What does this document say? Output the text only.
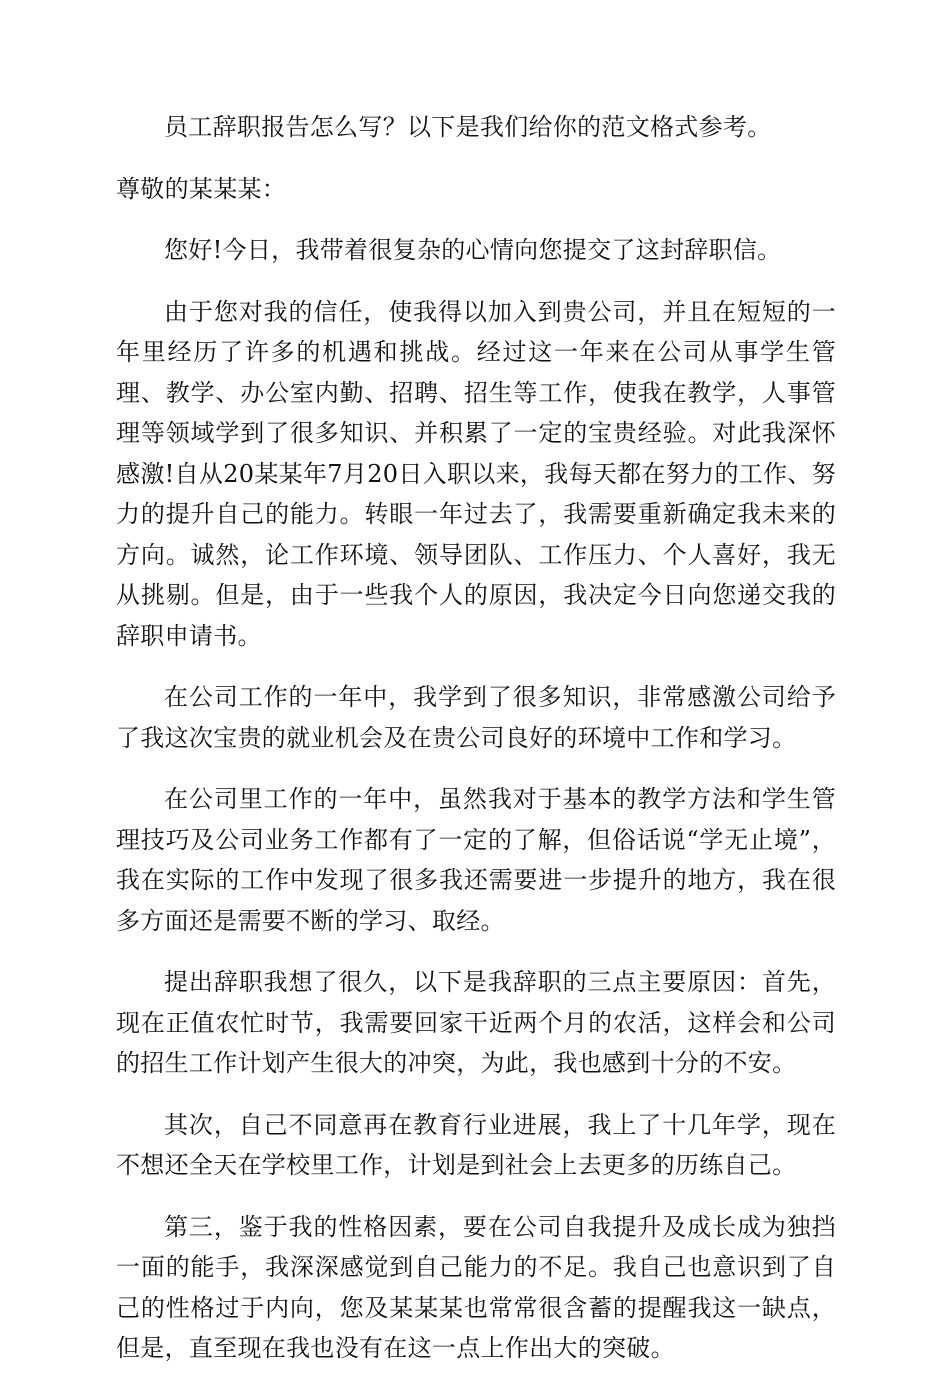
员工辞职报告怎么写？以下是我们给你的范文格式参考。

尊敬的某某某：

您好!今日，我带着很复杂的心情向您提交了这封辞职信。

由于您对我的信任，使我得以加入到贵公司，并且在短短的一年里经历了许多的机遇和挑战。经过这一年来在公司从事学生管理、教学、办公室内勤、招聘、招生等工作，使我在教学，人事管理等领域学到了很多知识、并积累了一定的宝贵经验。对此我深怀感激!自从20某某年7月20日入职以来，我每天都在努力的工作、努力的提升自己的能力。转眼一年过去了，我需要重新确定我未来的方向。诚然，论工作环境、领导团队、工作压力、个人喜好，我无从挑剔。但是，由于一些我个人的原因，我决定今日向您递交我的辞职申请书。

在公司工作的一年中，我学到了很多知识，非常感激公司给予了我这次宝贵的就业机会及在贵公司良好的环境中工作和学习。

在公司里工作的一年中，虽然我对于基本的教学方法和学生管理技巧及公司业务工作都有了一定的了解，但俗话说“学无止境”，我在实际的工作中发现了很多我还需要进一步提升的地方，我在很多方面还是需要不断的学习、取经。

提出辞职我想了很久，以下是我辞职的三点主要原因：首先，现在正值农忙时节，我需要回家干近两个月的农活，这样会和公司的招生工作计划产生很大的冲突，为此，我也感到十分的不安。

其次，自己不同意再在教育行业进展，我上了十几年学，现在不想还全天在学校里工作，计划是到社会上去更多的历练自己。

第三，鉴于我的性格因素，要在公司自我提升及成长成为独挡一面的能手，我深深感觉到自己能力的不足。我自己也意识到了自己的性格过于内向，您及某某某也常常很含蓄的提醒我这一缺点，但是，直至现在我也没有在这一点上作出大的突破。
